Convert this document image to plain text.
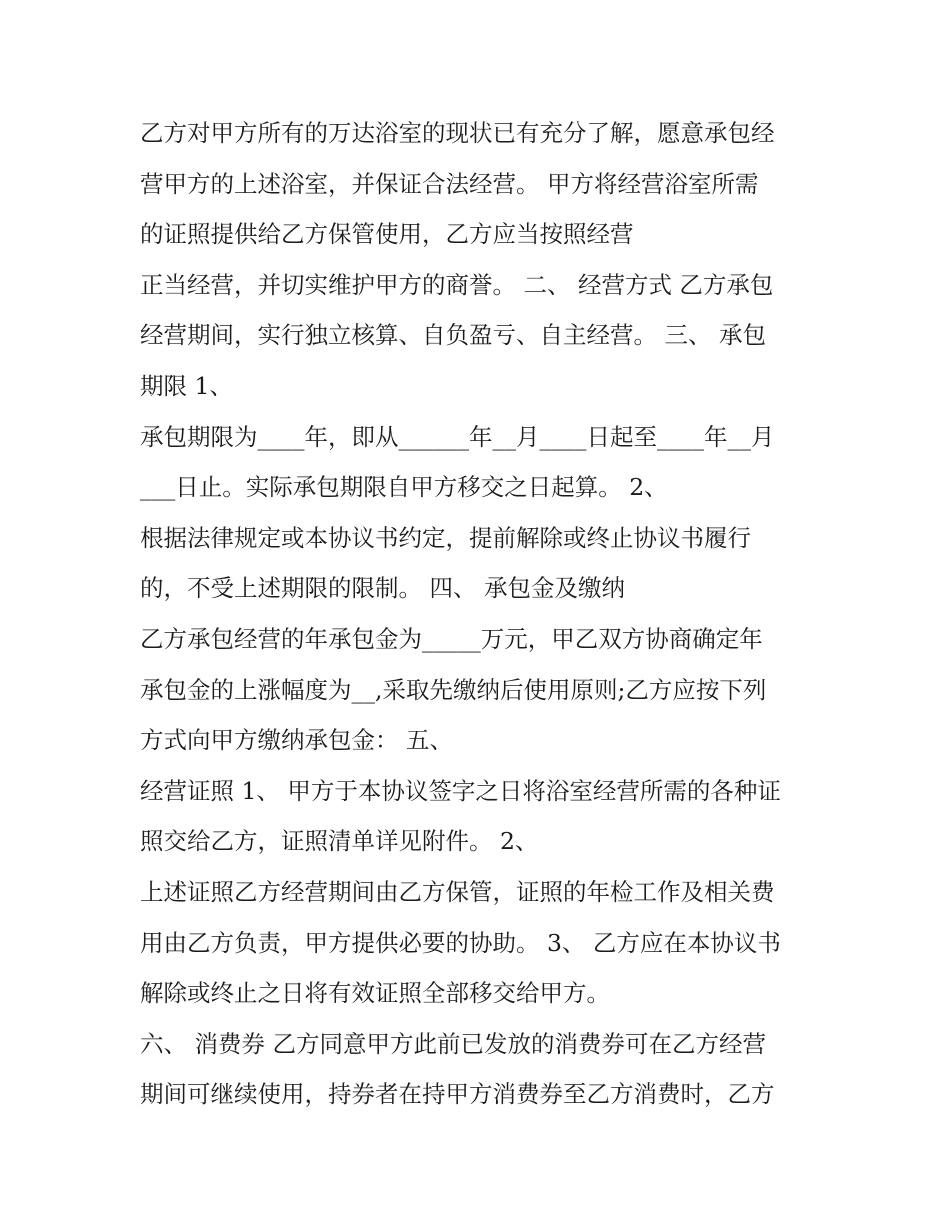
乙方对甲方所有的万达浴室的现状已有充分了解，愿意承包经
营甲方的上述浴室，并保证合法经营。 甲方将经营浴室所需
的证照提供给乙方保管使用，乙方应当按照经营
正当经营，并切实维护甲方的商誉。 二、 经营方式 乙方承包
经营期间，实行独立核算、自负盈亏、自主经营。 三、 承包
期限 1、
承包期限为____年，即从______年__月____日起至____年__月
___日止。实际承包期限自甲方移交之日起算。 2、
根据法律规定或本协议书约定，提前解除或终止协议书履行
的，不受上述期限的限制。 四、 承包金及缴纳
乙方承包经营的年承包金为_____万元，甲乙双方协商确定年
承包金的上涨幅度为__,采取先缴纳后使用原则;乙方应按下列
方式向甲方缴纳承包金： 五、
经营证照 1、 甲方于本协议签字之日将浴室经营所需的各种证
照交给乙方，证照清单详见附件。 2、
上述证照乙方经营期间由乙方保管，证照的年检工作及相关费
用由乙方负责，甲方提供必要的协助。 3、 乙方应在本协议书
解除或终止之日将有效证照全部移交给甲方。
六、 消费券 乙方同意甲方此前已发放的消费券可在乙方经营
期间可继续使用，持券者在持甲方消费券至乙方消费时，乙方
